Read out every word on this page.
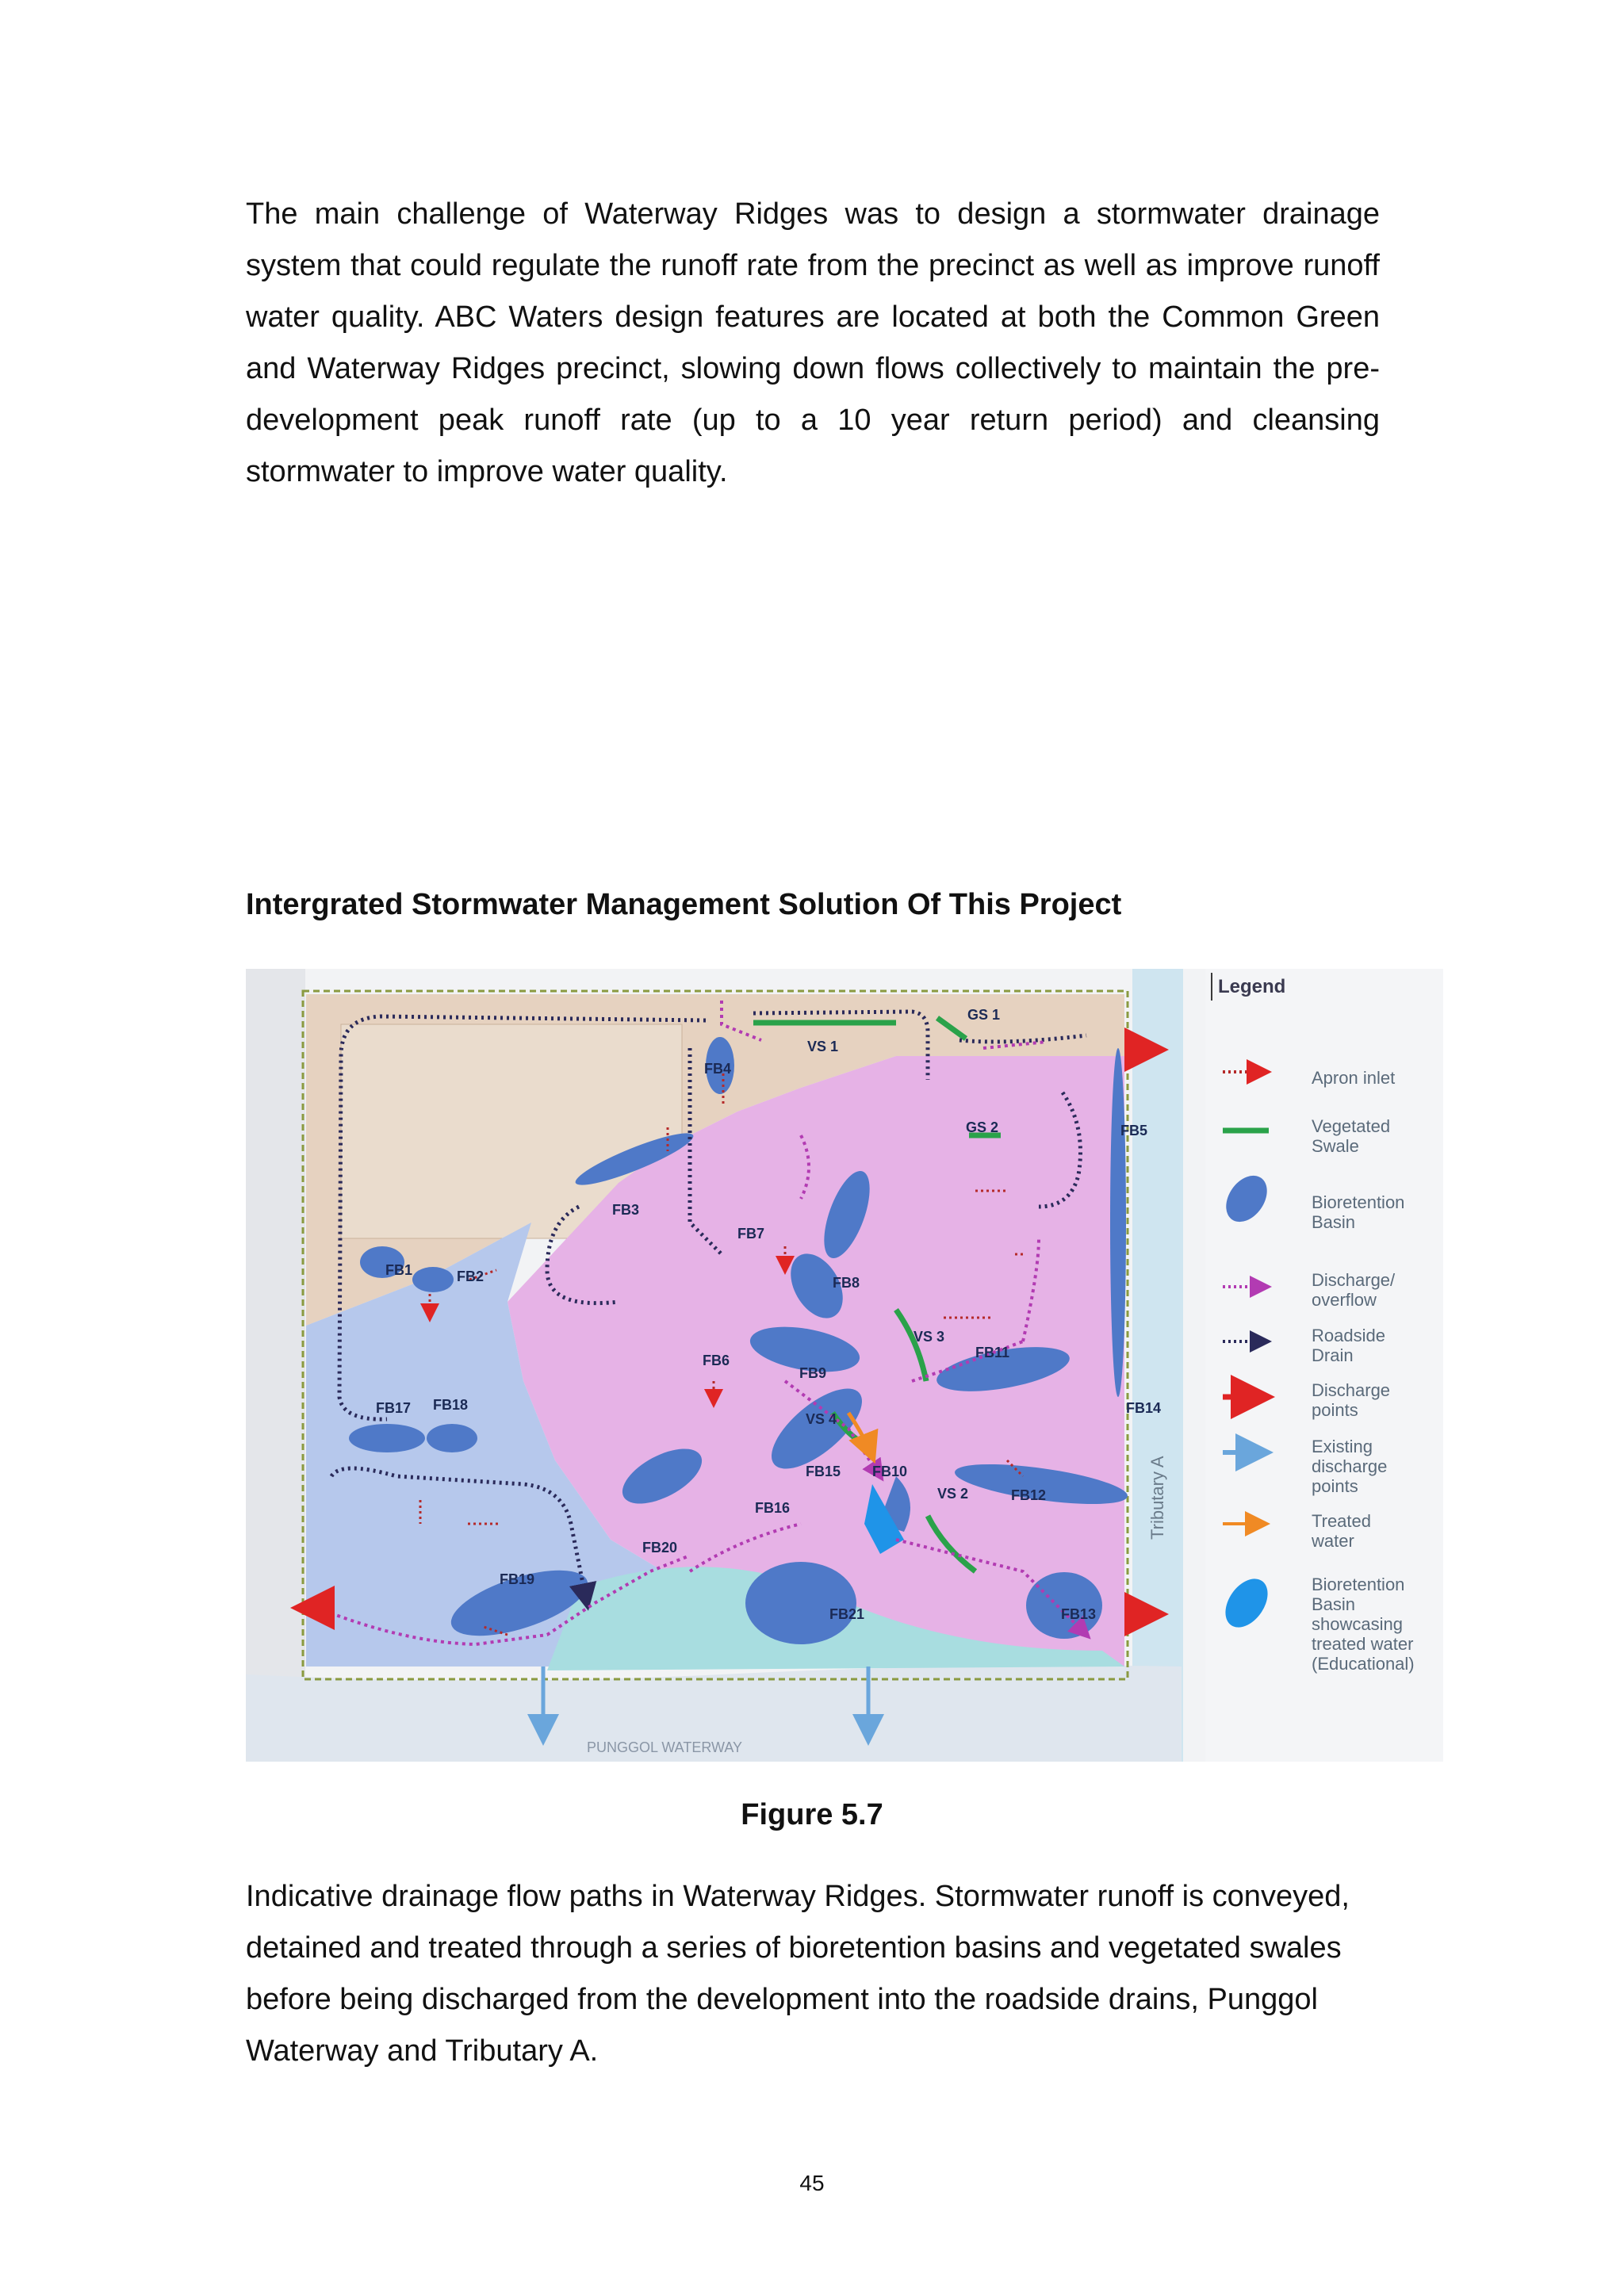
The main challenge of Waterway Ridges was to design a stormwater drainage system that could regulate the runoff rate from the precinct as well as improve runoff water quality. ABC Waters design features are located at both the Common Green and Waterway Ridges precinct, slowing down flows collectively to maintain the pre-development peak runoff rate (up to a 10 year return period) and cleansing stormwater to improve water quality.

Intergrated Stormwater Management Solution Of This Project

Tributary A
PUNGGOL WATERWAY
FB1	FB2
FB3
FB4
FB5
FB6
FB7
FB8
FB9
FB10
FB11
FB12
FB13
FB14
FB15
FB16
FB17 FB18
FB19
FB20
FB21
VS 1
VS 2
VS 3
VS 4
GS 1
GS 2
Legend
Apron inlet
Vegetated
Swale
Bioretention
Basin
Discharge/
overflow
Roadside
Drain
Discharge
points
Existing
discharge
points
Treated
water
Bioretention
Basin
showcasing
treated water
(Educational)

Figure 5.7

Indicative drainage flow paths in Waterway Ridges. Stormwater runoff is conveyed, detained and treated through a series of bioretention basins and vegetated swales before being discharged from the development into the roadside drains, Punggol Waterway and Tributary A.

45
